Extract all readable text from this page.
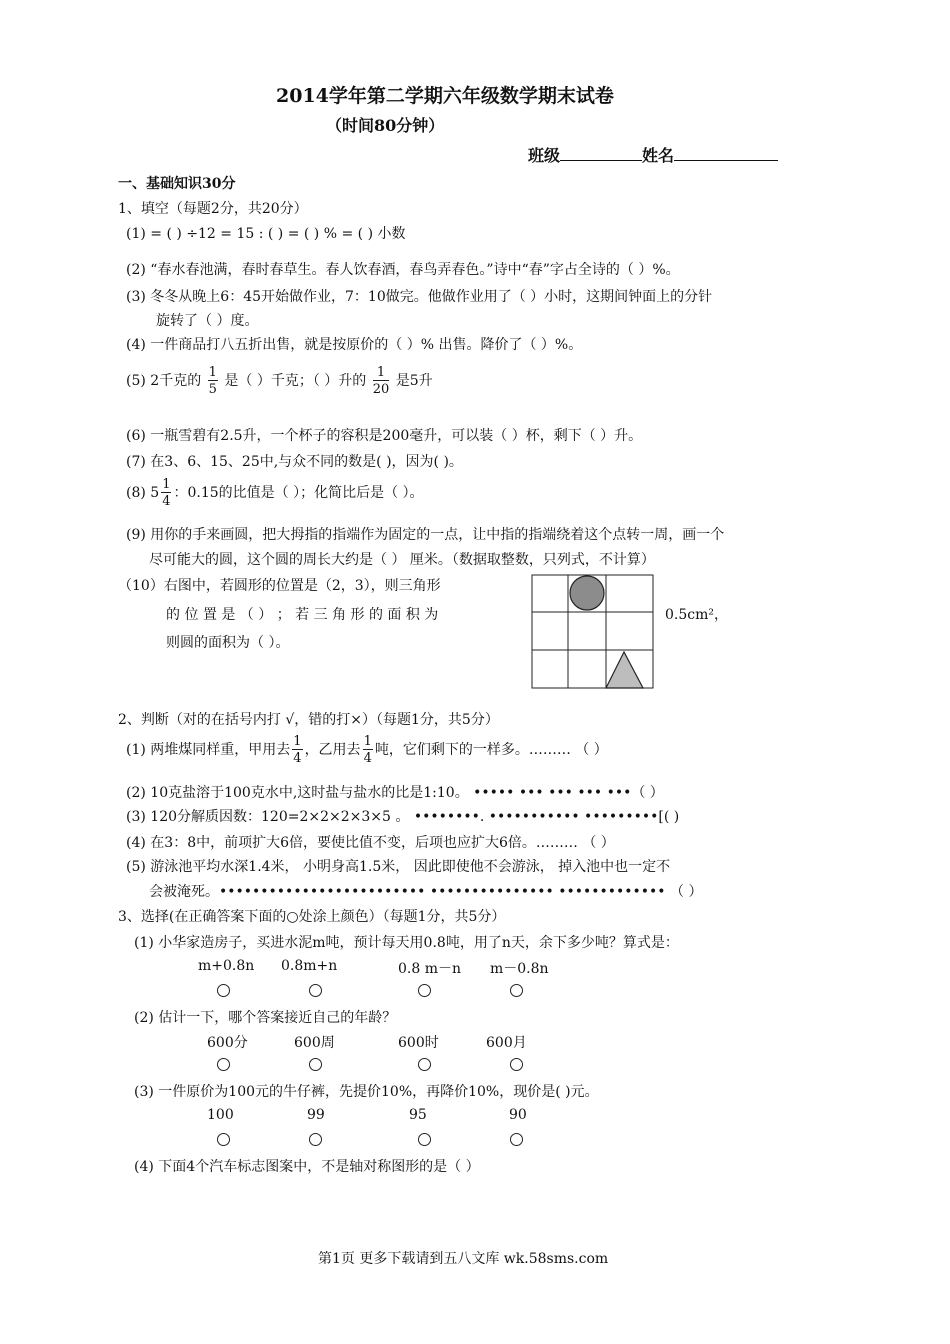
2014学年第二学期六年级数学期末试卷
（时间80分钟）
班级	姓名
一、基础知识30分
1、填空（每题2分，共20分）
(1) = ( ) ÷12 = 15 : ( ) = ( ) % = ( ) 小数
(2) “春水春池满，春时春草生。春人饮春酒，春鸟弄春色。”诗中“春”字占全诗的（ ）%。
(3) 冬冬从晚上6：45开始做作业，7：10做完。他做作业用了（ ）小时，这期间钟面上的分针
旋转了（ ）度。
(4) 一件商品打八五折出售，就是按原价的（ ）% 出售。降价了（ ）%。
(5) 2千克的 $\frac{1}{5}$ 是（ ）千克；（ ）升的 $\frac{1}{20}$ 是5升
(6) 一瓶雪碧有2.5升，一个杯子的容积是200毫升，可以装（ ）杯，剩下（ ）升。
(7) 在3、6、15、25中,与众不同的数是( )，因为( )。
(8) $5 \frac{1}{4}$ ：0.15的比值是（ ）；化简比后是（ ）。
(9) 用你的手来画圆，把大拇指的指端作为固定的一点，让中指的指端绕着这个点转一周，画一个
尽可能大的圆，这个圆的周长大约是（ ） 厘米。（数据取整数，只列式，不计算）
（10）右图中，若圆形的位置是（2，3），则三角形
的 位 置 是 （ ） ； 若 三 角 形 的 面 积 为
则圆的面积为（ ）。
0.5cm²，
2、判断（对的在括号内打 √，错的打×）（每题1分，共5分）
(1) 两堆煤同样重，甲用去 $\frac{1}{4}$ ，乙用去 $\frac{1}{4}$ 吨，它们剩下的一样多。……… （ ）
(2) 10克盐溶于100克水中,这时盐与盐水的比是1:10。 ••••• ••• ••• ••• •••（ ）
(3) 120分解质因数：120=2×2×2×3×5 。 ••••••••. ••••••••••• •••••••••[( )
(4) 在3：8中，前项扩大6倍，要使比值不变，后项也应扩大6倍。……… （ ）
(5) 游泳池平均水深1.4米， 小明身高1.5米， 因此即使他不会游泳， 掉入池中也一定不
会被淹死。••••••••••••••••••••••••• ••••••••••••••• ••••••••••••• （ ）
3、选择(在正确答案下面的○处涂上颜色）（每题1分，共5分）
(1) 小华家造房子，买进水泥m吨，预计每天用0.8吨，用了n天，余下多少吨？算式是：
m+0.8n 0.8m+n	0.8 m－n m－0.8n
(2) 估计一下，哪个答案接近自己的年龄？
600分	600周	600时	600月
(3) 一件原价为100元的牛仔裤，先提价10%，再降价10%，现价是( )元。
100	99	95	90
(4) 下面4个汽车标志图案中，不是轴对称图形的是（ ）
第1页 更多下载请到五八文库 wk.58sms.com
